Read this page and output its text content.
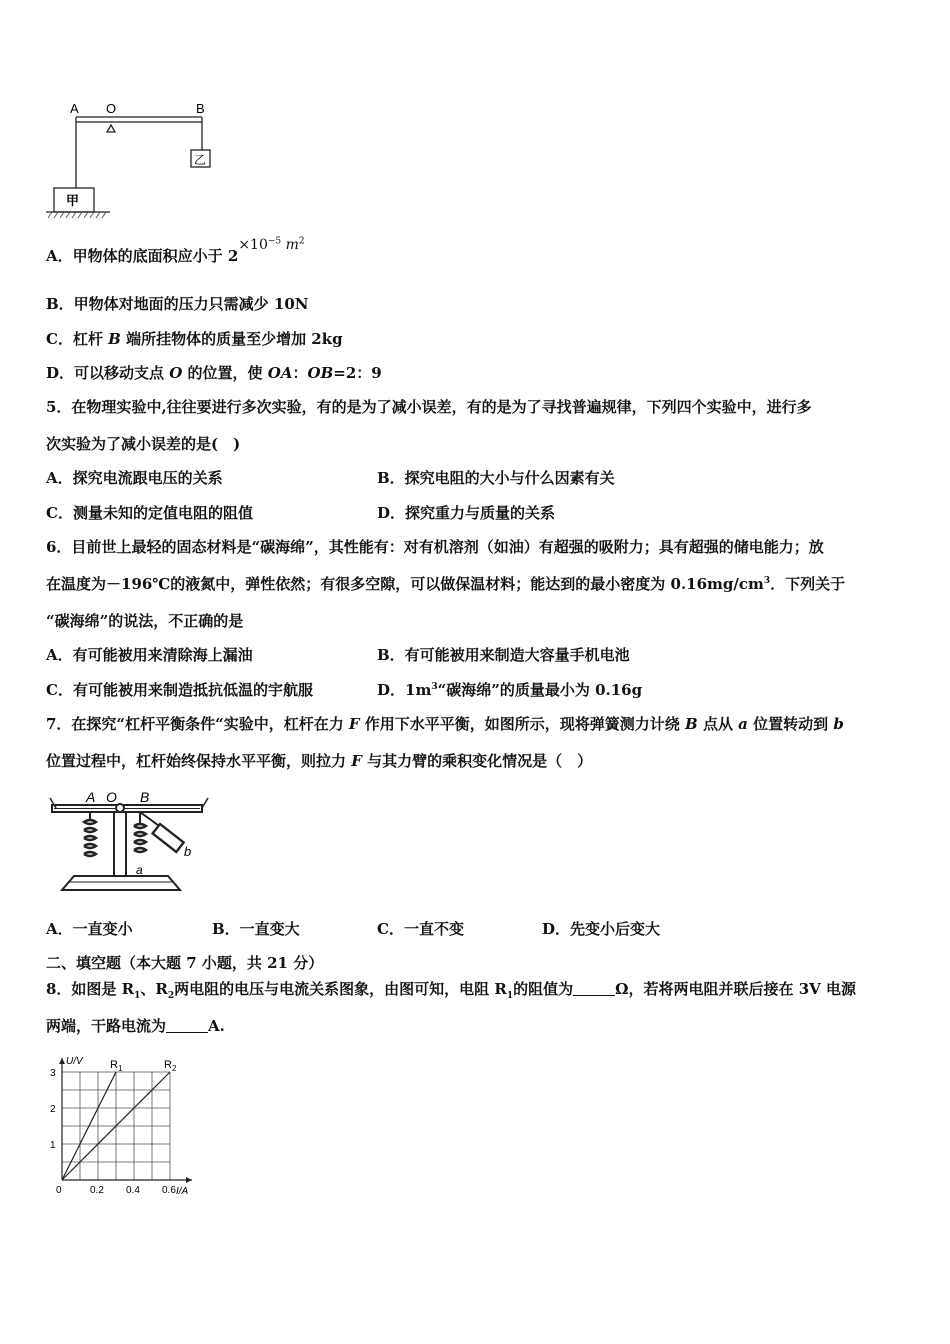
A O	B
乙
甲
A．甲物体的底面积应小于 $2\times 10^{-5}$ $m^2$
B．甲物体对地面的压力只需减少 10N
C．杠杆 B 端所挂物体的质量至少增加 2kg
D．可以移动支点 O 的位置，使 OA：OB=2：9
5．在物理实验中,往往要进行多次实验，有的是为了减小误差，有的是为了寻找普遍规律，下列四个实验中，进行多
次实验为了减小误差的是(　)
A．探究电流跟电压的关系	B．探究电阻的大小与什么因素有关
C．测量未知的定值电阻的阻值	D．探究重力与质量的关系
6．目前世上最轻的固态材料是“碳海绵”，其性能有：对有机溶剂（如油）有超强的吸附力；具有超强的储电能力；放
在温度为－196℃的液氮中，弹性依然；有很多空隙，可以做保温材料；能达到的最小密度为 $0.16mg/cm^3$．下列关于
“碳海绵”的说法，不正确的是
A．有可能被用来清除海上漏油	B．有可能被用来制造大容量手机电池
C．有可能被用来制造抵抗低温的宇航服	D．$1m^3“$碳海绵”的质量最小为 0.16g
7．在探究“杠杆平衡条件“实验中，杠杆在力 F 作用下水平平衡，如图所示，现将弹簧测力计绕 B 点从 a 位置转动到 b
位置过程中，杠杆始终保持水平平衡，则拉力 F 与其力臂的乘积变化情况是（　）
A O B
a
b
A．一直变小	B．一直变大	C．一直不变	D．先变小后变大
二、填空题（本大题 7 小题，共 21 分）
8．如图是 $R_1$、$R_2$两电阻的电压与电流关系图象，由图可知，电阻 $R_1$的阻值为	Ω，若将两电阻并联后接在 3V 电源
两端，干路电流为	A.
0	0.2 0.4 0.6
1
2
3
I/A
U/V R 1	R 2
